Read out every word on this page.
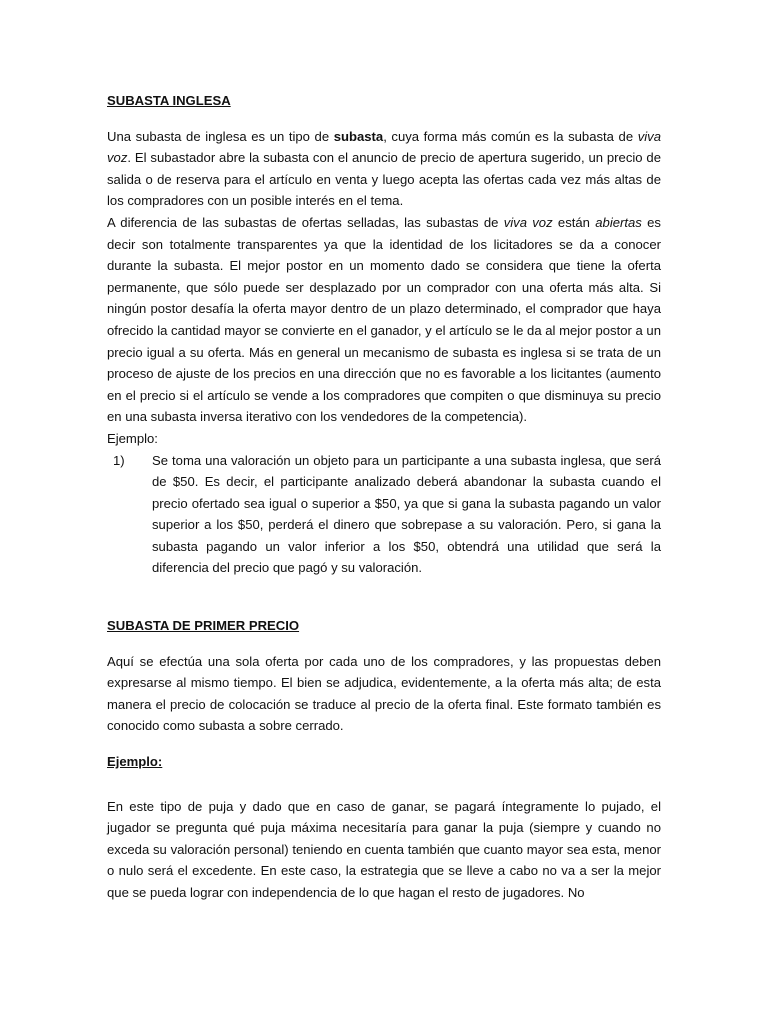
SUBASTA INGLESA

Una subasta de inglesa es un tipo de subasta, cuya forma más común es la subasta de viva voz. El subastador abre la subasta con el anuncio de precio de apertura sugerido, un precio de salida o de reserva para el artículo en venta y luego acepta las ofertas cada vez más altas de los compradores con un posible interés en el tema.

A diferencia de las subastas de ofertas selladas, las subastas de viva voz están abiertas es decir son totalmente transparentes ya que la identidad de los licitadores se da a conocer durante la subasta. El mejor postor en un momento dado se considera que tiene la oferta permanente, que sólo puede ser desplazado por un comprador con una oferta más alta. Si ningún postor desafía la oferta mayor dentro de un plazo determinado, el comprador que haya ofrecido la cantidad mayor se convierte en el ganador, y el artículo se le da al mejor postor a un precio igual a su oferta. Más en general un mecanismo de subasta es inglesa si se trata de un proceso de ajuste de los precios en una dirección que no es favorable a los licitantes (aumento en el precio si el artículo se vende a los compradores que compiten o que disminuya su precio en una subasta inversa iterativo con los vendedores de la competencia).

Ejemplo:

1) Se toma una valoración un objeto para un participante a una subasta inglesa, que será de $50. Es decir, el participante analizado deberá abandonar la subasta cuando el precio ofertado sea igual o superior a $50, ya que si gana la subasta pagando un valor superior a los $50, perderá el dinero que sobrepase a su valoración. Pero, si gana la subasta pagando un valor inferior a los $50, obtendrá una utilidad que será la diferencia del precio que pagó y su valoración.

SUBASTA DE PRIMER PRECIO

Aquí se efectúa una sola oferta por cada uno de los compradores, y las propuestas deben expresarse al mismo tiempo. El bien se adjudica, evidentemente, a la oferta más alta; de esta manera el precio de colocación se traduce al precio de la oferta final. Este formato también es conocido como subasta a sobre cerrado.

Ejemplo:

En este tipo de puja y dado que en caso de ganar, se pagará íntegramente lo pujado, el jugador se pregunta qué puja máxima necesitaría para ganar la puja (siempre y cuando no exceda su valoración personal) teniendo en cuenta también que cuanto mayor sea esta, menor o nulo será el excedente. En este caso, la estrategia que se lleve a cabo no va a ser la mejor que se pueda lograr con independencia de lo que hagan el resto de jugadores. No
